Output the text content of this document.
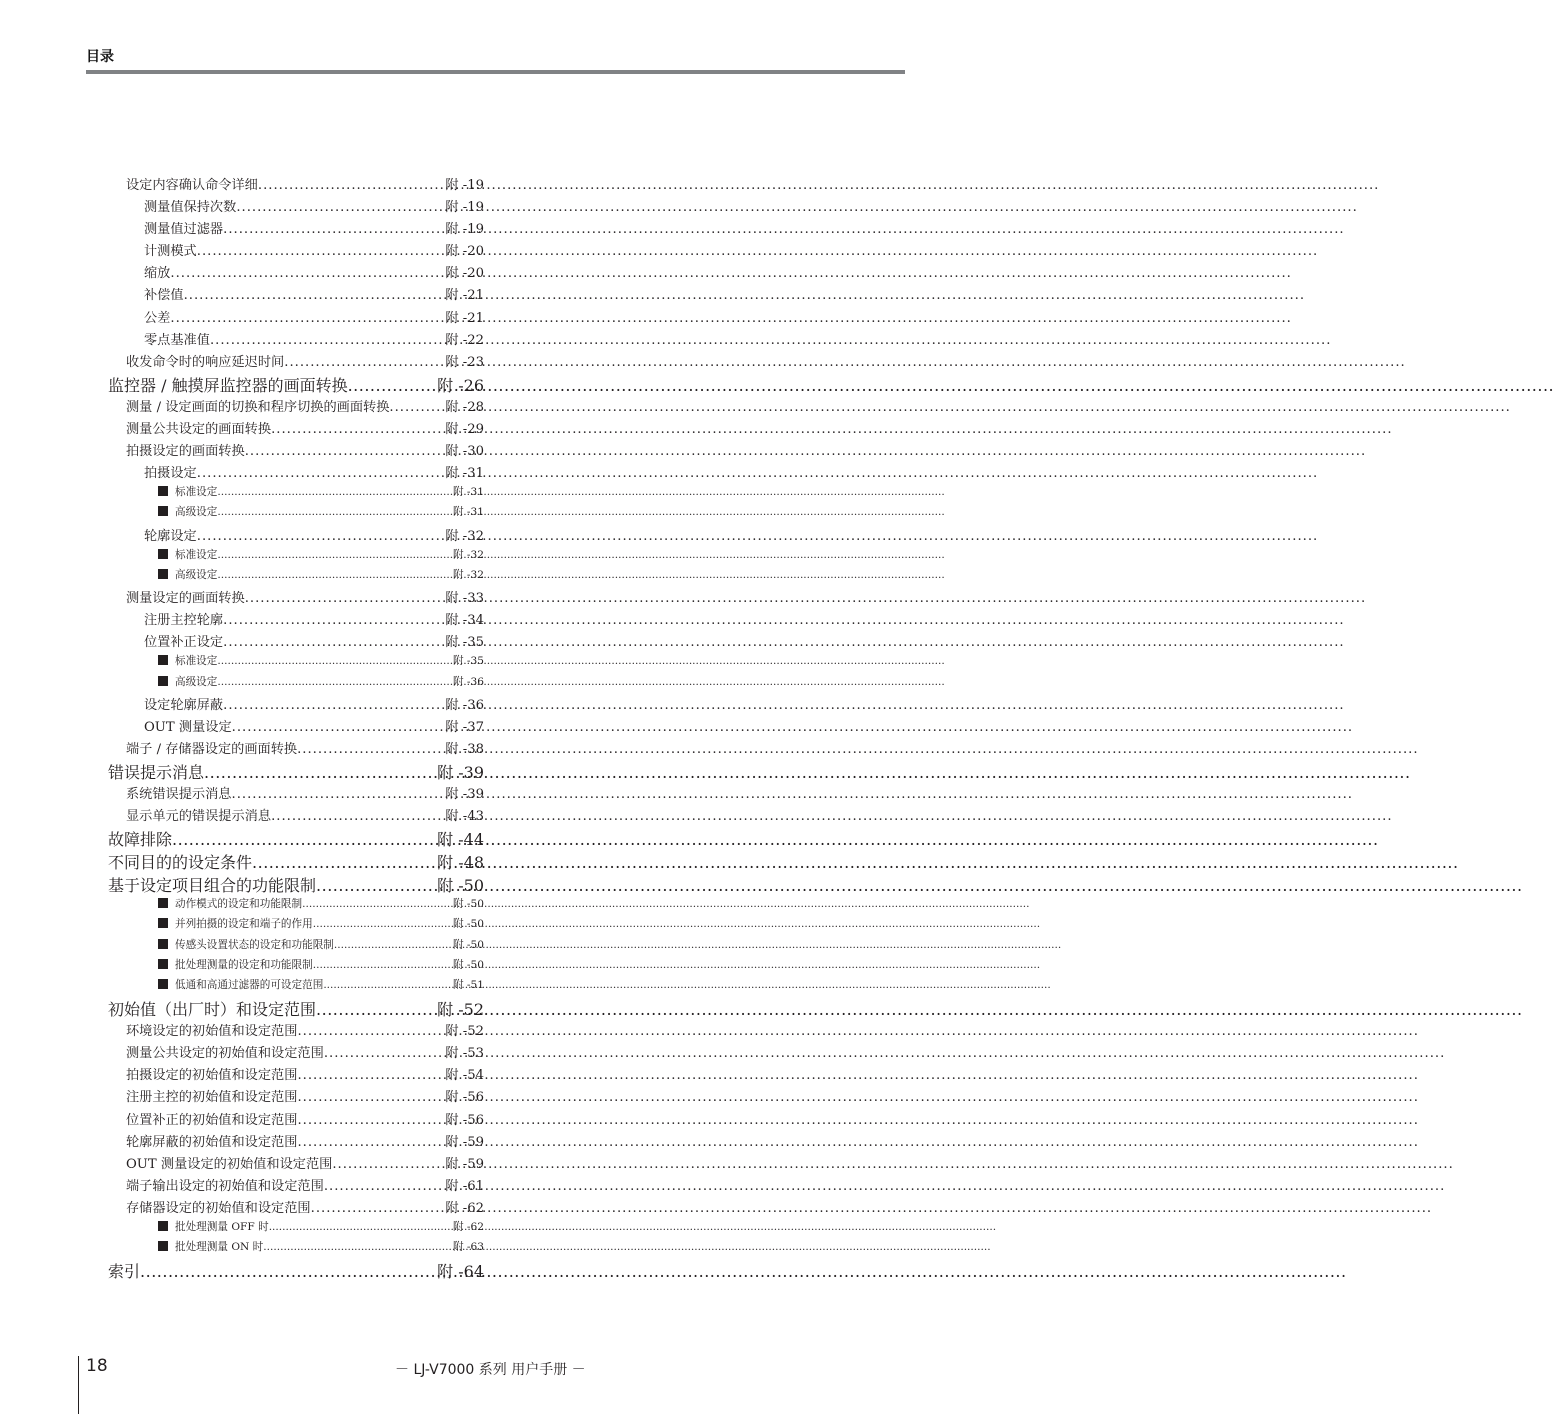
目录
设定内容确认命令详细 .....	附 -19
测量值保持次数 .....	附 -19
测量值过滤器 .....	附 -19
计测模式 .....	附 -20
缩放 .....	附 -20
补偿值 .....	附 -21
公差 .....	附 -21
零点基准值 .....	附 -22
收发命令时的响应延迟时间 .....	附 -23
监控器 / 触摸屏监控器的画面转换 .....	附 -26
测量 / 设定画面的切换和程序切换的画面转换 .....	附 -28
测量公共设定的画面转换 .....	附 -29
拍摄设定的画面转换 .....	附 -30
拍摄设定 .....	附 -31
标准设定 .....	附 -31
高级设定 .....	附 -31
轮廓设定 .....	附 -32
标准设定 .....	附 -32
高级设定 .....	附 -32
测量设定的画面转换 .....	附 -33
注册主控轮廓 .....	附 -34
位置补正设定 .....	附 -35
标准设定 .....	附 -35
高级设定 .....	附 -36
设定轮廓屏蔽 .....	附 -36
OUT 测量设定 .....	附 -37
端子 / 存储器设定的画面转换 .....	附 -38
错误提示消息 .....	附 -39
系统错误提示消息 .....	附 -39
显示单元的错误提示消息 .....	附 -43
故障排除 .....	附 -44
不同目的的设定条件 .....	附 -48
基于设定项目组合的功能限制 .....	附 -50
动作模式的设定和功能限制 .....	附 -50
并列拍摄的设定和端子的作用 .....	附 -50
传感头设置状态的设定和功能限制 .....	附 -50
批处理测量的设定和功能限制 .....	附 -50
低通和高通过滤器的可设定范围 .....	附 -51
初始值（出厂时）和设定范围 .....	附 -52
环境设定的初始值和设定范围 .....	附 -52
测量公共设定的初始值和设定范围 .....	附 -53
拍摄设定的初始值和设定范围 .....	附 -54
注册主控的初始值和设定范围 .....	附 -56
位置补正的初始值和设定范围 .....	附 -56
轮廓屏蔽的初始值和设定范围 .....	附 -59
OUT 测量设定的初始值和设定范围 .....	附 -59
端子输出设定的初始值和设定范围 .....	附 -61
存储器设定的初始值和设定范围 .....	附 -62
批处理测量 OFF 时 .....	附 -62
批处理测量 ON 时 .....	附 -63
索引 .....	附 -64
18	－ LJ-V7000 系列 用户手册 －
